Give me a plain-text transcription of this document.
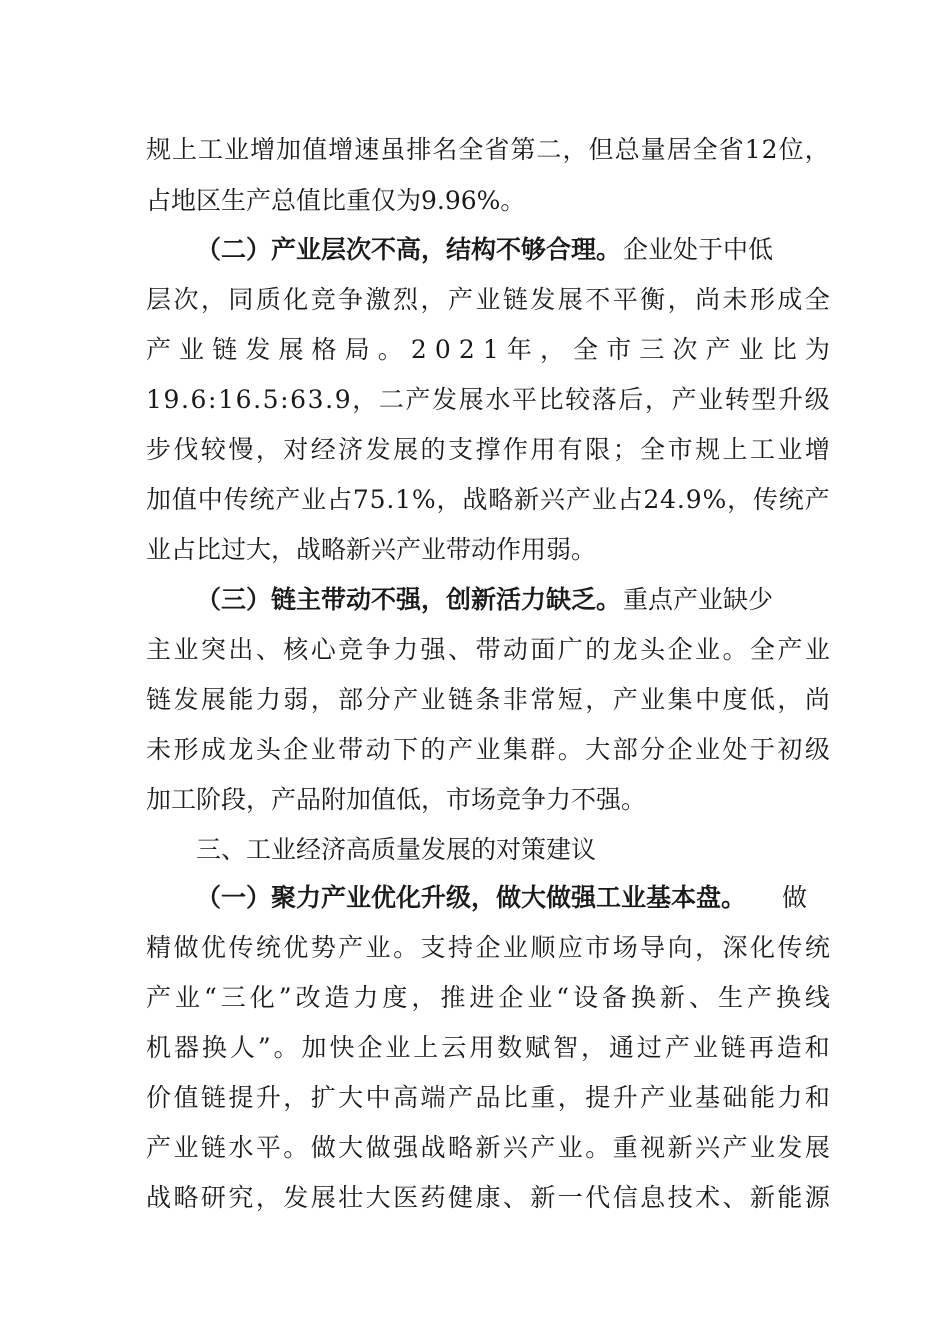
规 上 工 业 增 加 值 增 速 虽 排 名 全 省 第 二 ， 但 总 量 居 全 省 1 2 位 ，
占地区生产总值比重仅为9.96%。
（二）产业层次不高，结构不够合理。 企业处于中低
层 次 ， 同 质 化 竞 争 激 烈 ， 产 业 链 发 展 不 平 衡 ， 尚 未 形 成 全
产 业 链 发 展 格 局 。 2 0 2 1 年 ， 全 市 三 次 产 业 比 为
1 9 . 6 : 1 6 . 5 : 6 3 . 9 ， 二 产 发 展 水 平 比 较 落 后 ， 产 业 转 型 升 级
步 伐 较 慢 ， 对 经 济 发 展 的 支 撑 作 用 有 限 ； 全 市 规 上 工 业 增
加 值 中 传 统 产 业 占 7 5 . 1 % ， 战 略 新 兴 产 业 占 2 4 . 9 % ， 传 统 产
业占比过大，战略新兴产业带动作用弱。
（三）链主带动不强，创新活力缺乏。 重点产业缺少
主 业 突 出 、 核 心 竞 争 力 强 、 带 动 面 广 的 龙 头 企 业 。 全 产 业
链 发 展 能 力 弱 ， 部 分 产 业 链 条 非 常 短 ， 产 业 集 中 度 低 ， 尚
未 形 成 龙 头 企 业 带 动 下 的 产 业 集 群 。 大 部 分 企 业 处 于 初 级
加工阶段，产品附加值低，市场竞争力不强。
三、工业经济高质量发展的对策建议
（一）聚力产业优化升级，做大做强工业基本盘。 做
精 做 优 传 统 优 势 产 业 。 支 持 企 业 顺 应 市 场 导 向 ， 深 化 传 统
产 业 “ 三 化 ” 改 造 力 度 ， 推 进 企 业 “ 设 备 换 新 、 生 产 换 线
机 器 换 人 ” 。 加 快 企 业 上 云 用 数 赋 智 ， 通 过 产 业 链 再 造 和
价 值 链 提 升 ， 扩 大 中 高 端 产 品 比 重 ， 提 升 产 业 基 础 能 力 和
产 业 链 水 平 。 做 大 做 强 战 略 新 兴 产 业 。 重 视 新 兴 产 业 发 展
战 略 研 究 ， 发 展 壮 大 医 药 健 康 、 新 一 代 信 息 技 术 、 新 能 源
